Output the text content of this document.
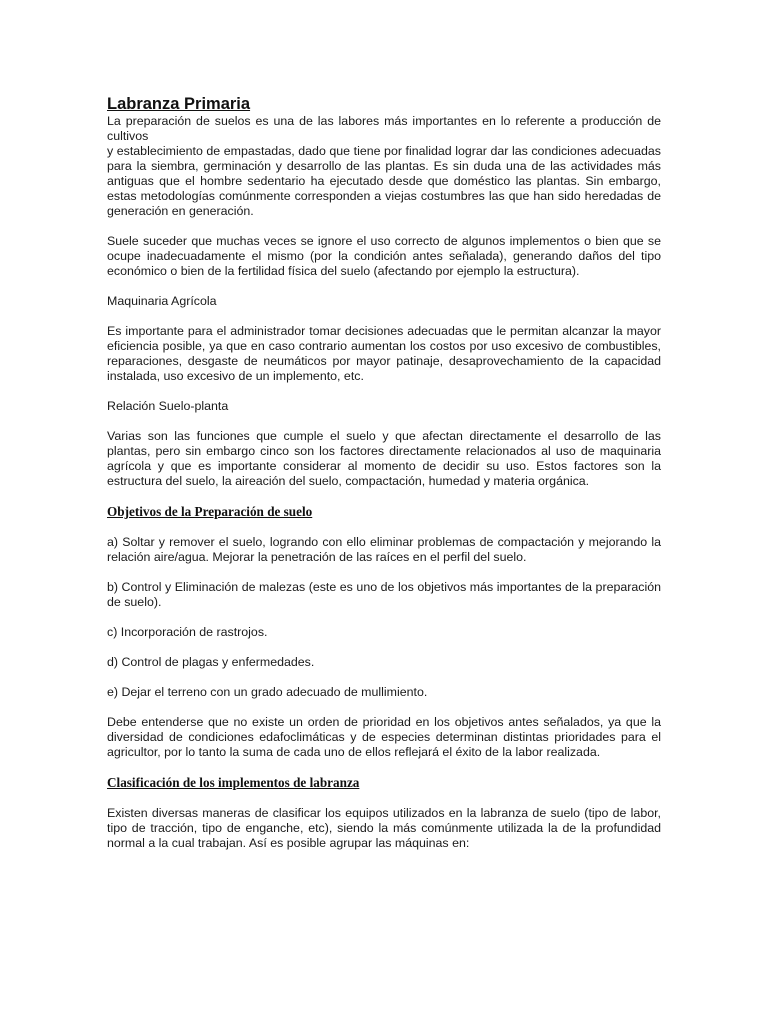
Labranza Primaria

La preparación de suelos es una de las labores más importantes en lo referente a producción de
cultivos
y establecimiento de empastadas, dado que tiene por finalidad lograr dar las condiciones adecuadas para la siembra, germinación y desarrollo de las plantas. Es sin duda una de las actividades más antiguas que el hombre sedentario ha ejecutado desde que doméstico las plantas. Sin embargo, estas metodologías comúnmente corresponden a viejas costumbres las que han sido heredadas de generación en generación.

Suele suceder que muchas veces se ignore el uso correcto de algunos implementos o bien que se ocupe inadecuadamente el mismo (por la condición antes señalada), generando daños del tipo económico o bien de la fertilidad física del suelo (afectando por ejemplo la estructura).

Maquinaria Agrícola

Es importante para el administrador tomar decisiones adecuadas que le permitan alcanzar la mayor eficiencia posible, ya que en caso contrario aumentan los costos por uso excesivo de combustibles, reparaciones, desgaste de neumáticos por mayor patinaje, desaprovechamiento de la capacidad instalada, uso excesivo de un implemento, etc.

Relación Suelo-planta

Varias son las funciones que cumple el suelo y que afectan directamente el desarrollo de las plantas, pero sin embargo cinco son los factores directamente relacionados al uso de maquinaria agrícola y que es importante considerar al momento de decidir su uso. Estos factores son la estructura del suelo, la aireación del suelo, compactación, humedad y materia orgánica.

Objetivos de la Preparación de suelo

a) Soltar y remover el suelo, logrando con ello eliminar problemas de compactación y mejorando la relación aire/agua. Mejorar la penetración de las raíces en el perfil del suelo.

b) Control y Eliminación de malezas (este es uno de los objetivos más importantes de la preparación de suelo).

c) Incorporación de rastrojos.

d) Control de plagas y enfermedades.

e) Dejar el terreno con un grado adecuado de mullimiento.

Debe entenderse que no existe un orden de prioridad en los objetivos antes señalados, ya que la diversidad de condiciones edafoclimáticas y de especies determinan distintas prioridades para el agricultor, por lo tanto la suma de cada uno de ellos reflejará el éxito de la labor realizada.

Clasificación de los implementos de labranza

Existen diversas maneras de clasificar los equipos utilizados en la labranza de suelo (tipo de labor, tipo de tracción, tipo de enganche, etc), siendo la más comúnmente utilizada la de la profundidad normal a la cual trabajan. Así es posible agrupar las máquinas en:
